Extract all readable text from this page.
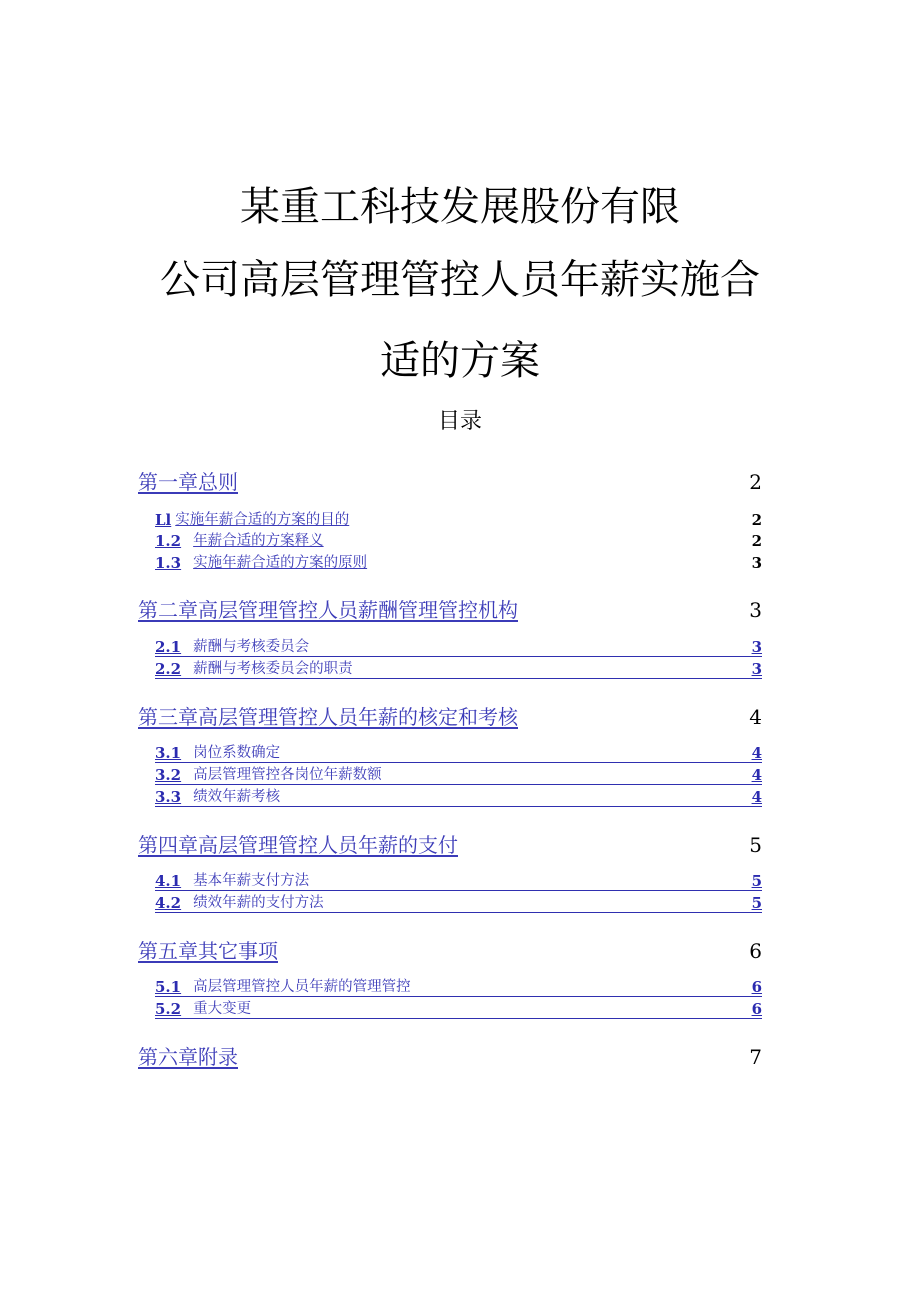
某重工科技发展股份有限
公司高层管理管控人员年薪实施合
适的方案
目录
第一章总则	2
Ll 实施年薪合适的方案的目的	2
1.2 年薪合适的方案释义	2
1.3 实施年薪合适的方案的原则	3
第二章高层管理管控人员薪酬管理管控机构	3
2.1 薪酬与考核委员会	3
2.2 薪酬与考核委员会的职责	3
第三章高层管理管控人员年薪的核定和考核	4
3.1 岗位系数确定	4
3.2 高层管理管控各岗位年薪数额	4
3.3 绩效年薪考核	4
第四章高层管理管控人员年薪的支付	5
4.1 基本年薪支付方法	5
4.2 绩效年薪的支付方法	5
第五章其它事项	6
5.1 高层管理管控人员年薪的管理管控	6
5.2 重大变更	6
第六章附录	7
